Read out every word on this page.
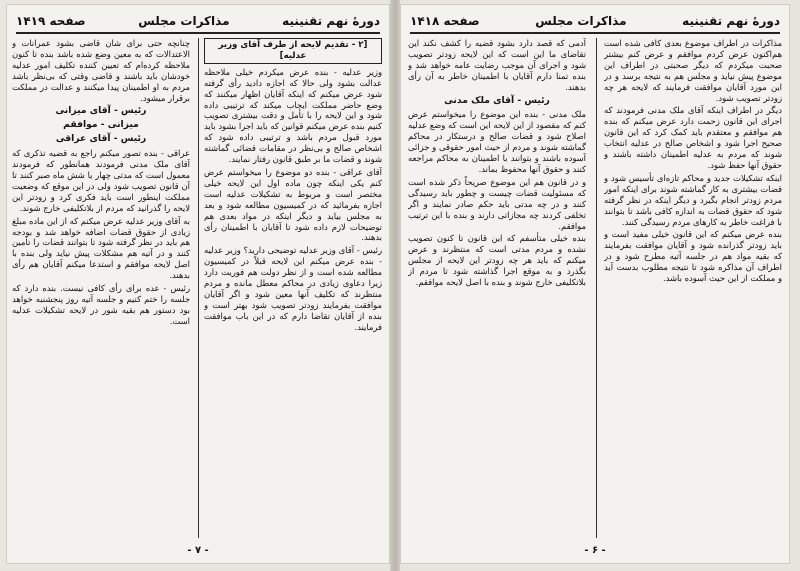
دورهٔ نهم تقنینیه
مذاکرات مجلس
صفحه ۱۴۱۹
[۲ - تقدیم لایحه از طرف آقای وزیر عدلیه]

وزیر عدلیه - بنده عرض میکردم خیلی ملاحظه عدالت بشود ولی حالا که اجازه دادید رأی گرفته شود عرض میکنم که اینکه آقایان اظهار میکنند که وضع حاضر مملکت ایجاب میکند که ترتیبی داده شود و این لایحه را با تأمل و دقت بیشتری تصویب کنیم بنده عرض میکنم قوانین که باید اجرا بشود باید مورد قبول مردم باشد و ترتیبی داده شود که اشخاص صالح و بی‌نظر در مقامات قضائی گماشته شوند و قضات ما بر طبق قانون رفتار نمایند.

آقای عراقی - بنده دو موضوع را میخواستم عرض کنم یکی اینکه چون ماده اول این لایحه خیلی مختصر است و مربوط به تشکیلات عدلیه است اجازه بفرمائید که در کمیسیون مطالعه شود و بعد به مجلس بیاید و دیگر اینکه در مواد بعدی هم توضیحات لازم داده شود تا آقایان با اطمینان رأی بدهند.

رئیس - آقای وزیر عدلیه توضیحی دارید؟ وزیر عدلیه - بنده عرض میکنم این لایحه قبلاً در کمیسیون مطالعه شده است و از نظر دولت هم فوریت دارد زیرا دعاوی زیادی در محاکم معطل مانده و مردم منتظرند که تکلیف آنها معین شود و اگر آقایان موافقت بفرمایند زودتر تصویب شود بهتر است و بنده از آقایان تقاضا دارم که در این باب موافقت فرمایند.

چنانچه حتی برای شان قاضی بشود عمرانات و الاعتدالات که به معین وضع شده باشد بنده تا کنون ملاحظه کرده‌ام که تعیین کننده تکلیف امور عدلیه خودشان باید باشند و قاضی وقتی که بی‌نظر باشد مردم به او اطمینان پیدا میکنند و عدالت در مملکت برقرار میشود.

رئیس - آقای میزانی
میزانی - موافقم
رئیس - آقای عراقی

عراقی - بنده تصور میکنم راجع به قضیه تذکری که آقای ملک مدنی فرمودند همانطور که فرمودند معمول است که مدتی چهار یا شش ماه صبر کنند تا آن قانون تصویب شود ولی در این موقع که وضعیت مملکت اینطور است باید فکری کرد و زودتر این لایحه را گذرانید که مردم از بلاتکلیفی خارج شوند.

به آقای وزیر عدلیه عرض میکنم که از این ماده مبلغ زیادی از حقوق قضات اضافه خواهد شد و بودجه هم باید در نظر گرفته شود تا بتوانند قضات را تأمین کنند و در آتیه هم مشکلات پیش نیاید ولی بنده با اصل لایحه موافقم و استدعا میکنم آقایان هم رأی بدهند.

رئیس - عده برای رأی کافی نیست. بنده دارد که جلسه را ختم کنیم و جلسه آتیه روز پنجشنبه خواهد بود دستور هم بقیه شور در لایحه تشکیلات عدلیه است.

- ۷ -
دورهٔ نهم تقنینیه
مذاکرات مجلس
صفحه ۱۴۱۸

مذاکرات در اطراف موضوع بعدی کافی شده است هم‌اکنون عرض کردم موافقم و عرض کنم بیشتر صحبت میکردم که دیگر صحبتی در اطراف این موضوع پیش نیاید و مجلس هم به نتیجه برسد و در این مورد آقایان موافقت فرمایند که لایحه هر چه زودتر تصویب شود.

دیگر در اطراف اینکه آقای ملک مدنی فرمودند که اجرای این قانون زحمت دارد عرض میکنم که بنده هم موافقم و معتقدم باید کمک کرد که این قانون صحیح اجرا شود و اشخاص صالح در عدلیه انتخاب شوند که مردم به عدلیه اطمینان داشته باشند و حقوق آنها حفظ شود.

اینکه تشکیلات جدید و محاکم تازه‌ای تأسیس شود و قضات بیشتری به کار گماشته شوند برای اینکه امور مردم زودتر انجام بگیرد و دیگر اینکه در نظر گرفته شود که حقوق قضات به اندازه کافی باشد تا بتوانند با فراغت خاطر به کارهای مردم رسیدگی کنند.

بنده عرض میکنم که این قانون خیلی مفید است و باید زودتر گذرانده شود و آقایان موافقت بفرمایند که بقیه مواد هم در جلسه آتیه مطرح شود و در اطراف آن مذاکره شود تا نتیجه مطلوب بدست آید و مملکت از این حیث آسوده باشد.

آدمی که قصد دارد بشود قضیه را کشف نکند این تقاضای ما این است که این لایحه زودتر تصویب شود و اجرای آن موجب رضایت عامه خواهد شد و بنده تمنا دارم آقایان با اطمینان خاطر به آن رأی بدهند.

رئیس - آقای ملک مدنی

ملک مدنی - بنده این موضوع را میخواستم عرض کنم که مقصود از این لایحه این است که وضع عدلیه اصلاح شود و قضات صالح و درستکار در محاکم گماشته شوند و مردم از حیث امور حقوقی و جزائی آسوده باشند و بتوانند با اطمینان به محاکم مراجعه کنند و حقوق آنها محفوظ بماند.

و در قانون هم این موضوع صریحاً ذکر شده است که مسئولیت قضات چیست و چطور باید رسیدگی کنند و در چه مدتی باید حکم صادر نمایند و اگر تخلفی کردند چه مجازاتی دارند و بنده با این ترتیب موافقم.

بنده خیلی متأسفم که این قانون تا کنون تصویب نشده و مردم مدتی است که منتظرند و عرض میکنم که باید هر چه زودتر این لایحه از مجلس بگذرد و به موقع اجرا گذاشته شود تا مردم از بلاتکلیفی خارج شوند و بنده با اصل لایحه موافقم.

- ۶ -
